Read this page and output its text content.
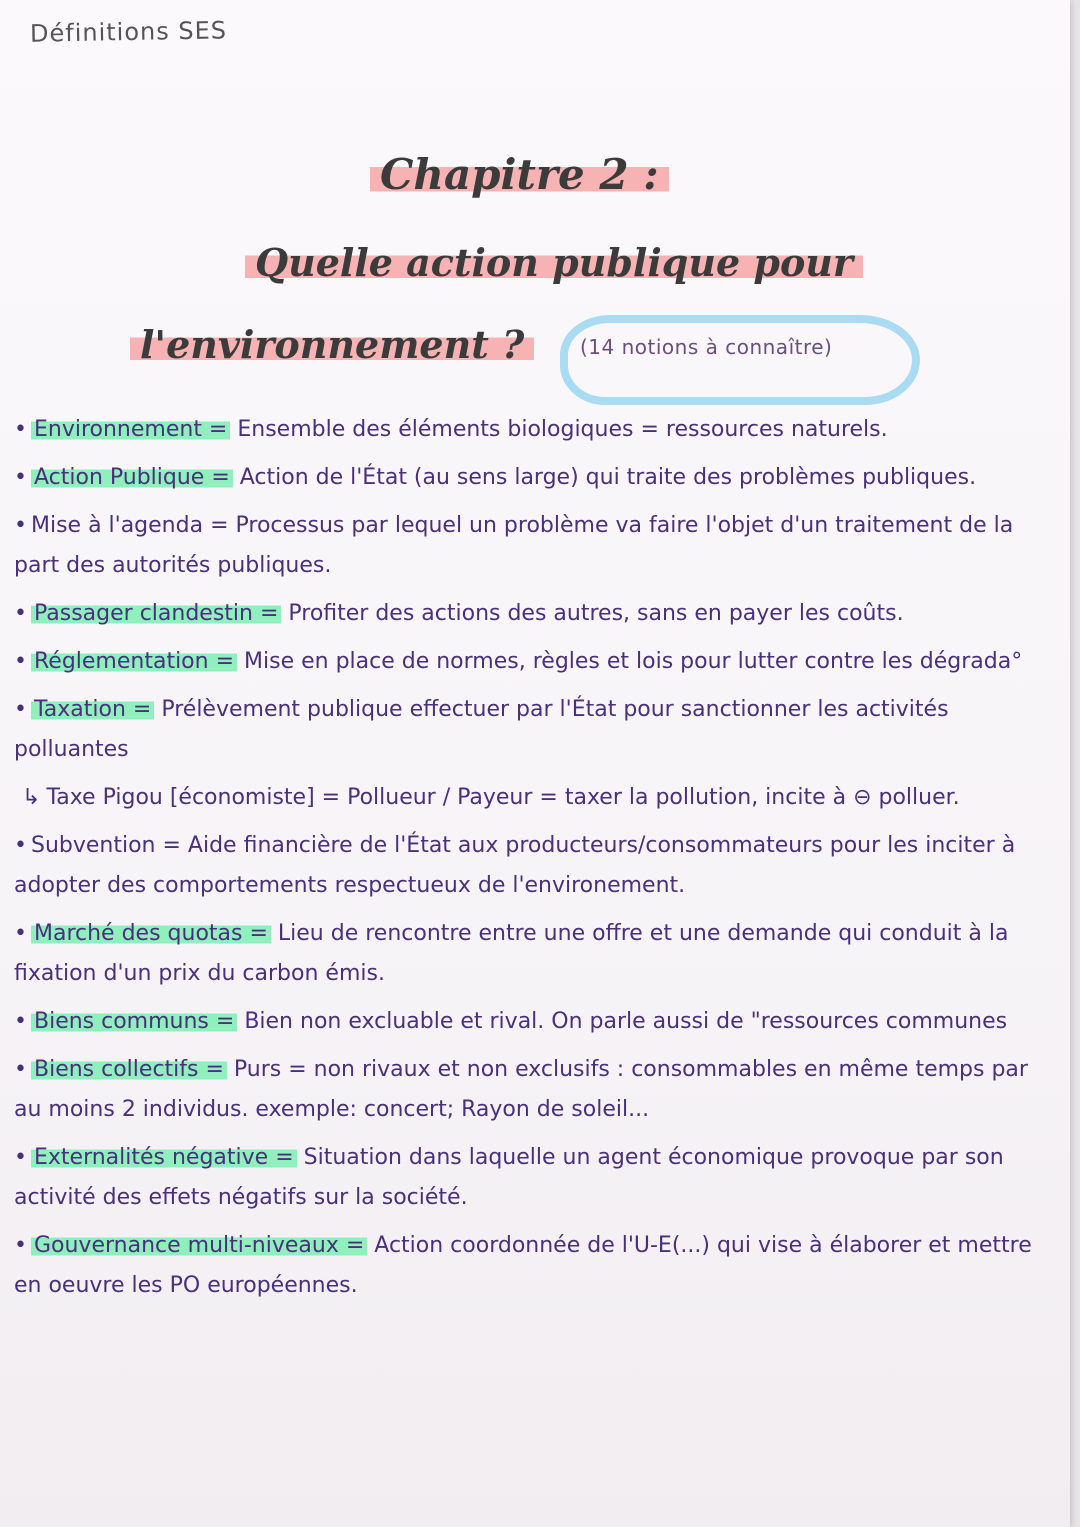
Définitions SES
Chapitre 2 :
Quelle action publique pour
l'environnement ?	(14 notions à connaître)
• Environnement = Ensemble des éléments biologiques = ressources naturels.
• Action Publique = Action de l'État (au sens large) qui traite des problèmes publiques.
• Mise à l'agenda = Processus par lequel un problème va faire l'objet d'un traitement de la part des autorités publiques.
• Passager clandestin = Profiter des actions des autres, sans en payer les coûts.
• Réglementation = Mise en place de normes, règles et lois pour lutter contre les dégrada°
• Taxation = Prélèvement publique effectuer par l'État pour sanctionner les activités polluantes
↳ Taxe Pigou [économiste] = Pollueur / Payeur = taxer la pollution, incite à ⊖ polluer.
• Subvention = Aide financière de l'État aux producteurs/consommateurs pour les inciter à adopter des comportements respectueux de l'environement.
• Marché des quotas = Lieu de rencontre entre une offre et une demande qui conduit à la fixation d'un prix du carbon émis.
• Biens communs = Bien non excluable et rival. On parle aussi de "ressources communes
• Biens collectifs = Purs = non rivaux et non exclusifs : consommables en même temps par au moins 2 individus. exemple: concert; Rayon de soleil...
• Externalités négative = Situation dans laquelle un agent économique provoque par son activité des effets négatifs sur la société.
• Gouvernance multi-niveaux = Action coordonnée de l'U-E(...) qui vise à élaborer et mettre en oeuvre les PO européennes.
